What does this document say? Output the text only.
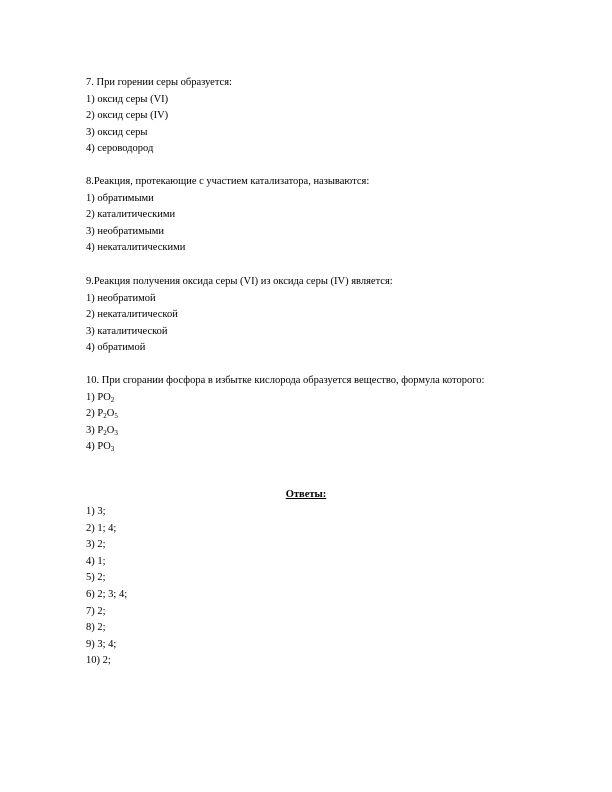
7. При горении серы образуется:
1) оксид серы (VI)
2) оксид серы (IV)
3) оксид серы
4) сероводород
8.Реакция, протекающие с участием катализатора, называются:
1) обратимыми
2) каталитическими
3) необратимыми
4) некаталитическими
9.Реакция получения оксида серы (VI) из оксида серы (IV) является:
1) необратимой
2) некаталитической
3) каталитической
4) обратимой
10. При сгорании фосфора в избытке кислорода образуется вещество, формула которого:
1) $PO_2$
2) $P_2O_5$
3) $P_2O_3$
4) $PO_3$
Ответы:
1) 3;
2) 1; 4;
3) 2;
4) 1;
5) 2;
6) 2; 3; 4;
7) 2;
8) 2;
9) 3; 4;
10) 2;
